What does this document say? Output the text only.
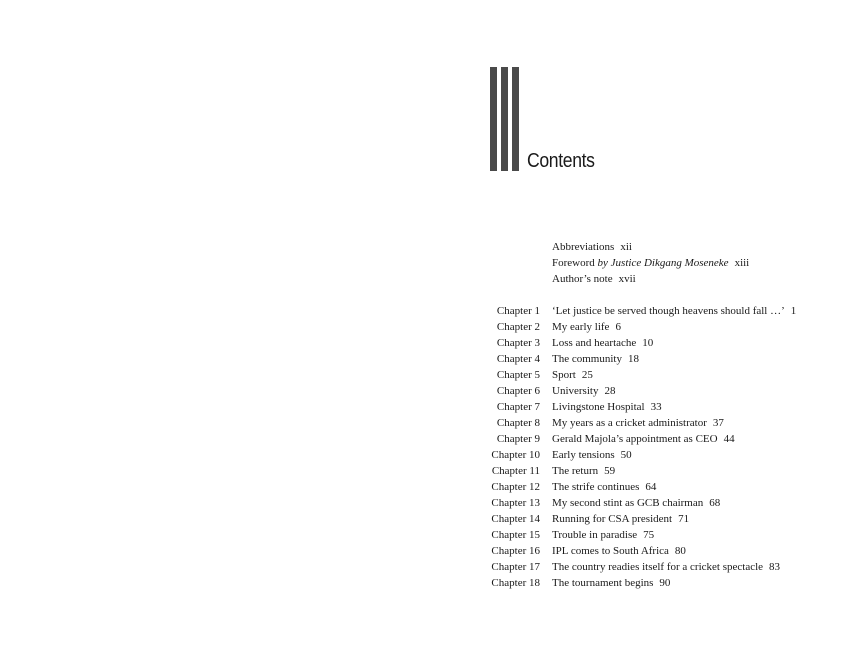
Contents
Abbreviations xii
Foreword by Justice Dikgang Moseneke xiii
Author’s note xvii
Chapter 1 ‘Let justice be served though heavens should fall …’ 1
Chapter 2 My early life 6
Chapter 3 Loss and heartache 10
Chapter 4 The community 18
Chapter 5 Sport 25
Chapter 6 University 28
Chapter 7 Livingstone Hospital 33
Chapter 8 My years as a cricket administrator 37
Chapter 9 Gerald Majola’s appointment as CEO 44
Chapter 10 Early tensions 50
Chapter 11 The return 59
Chapter 12 The strife continues 64
Chapter 13 My second stint as GCB chairman 68
Chapter 14 Running for CSA president 71
Chapter 15 Trouble in paradise 75
Chapter 16 IPL comes to South Africa 80
Chapter 17 The country readies itself for a cricket spectacle 83
Chapter 18 The tournament begins 90
